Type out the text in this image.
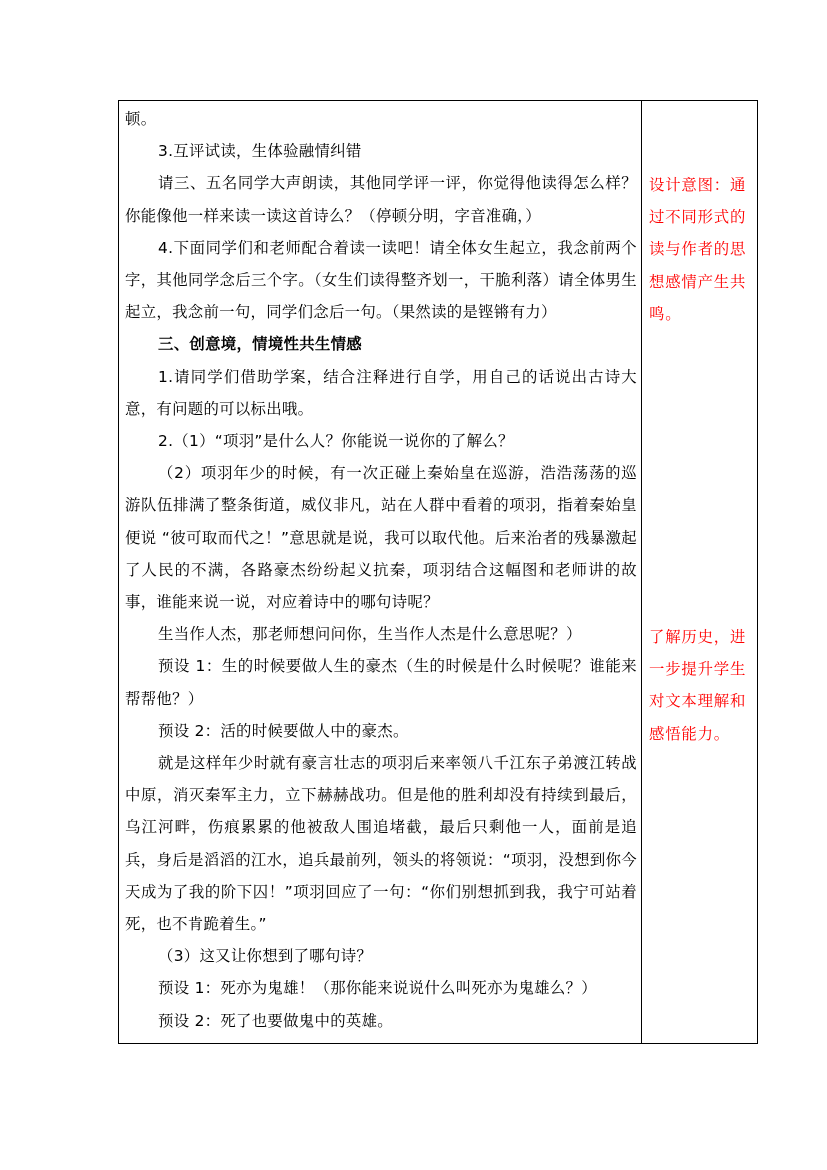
顿。

3.互评试读，生体验融情纠错

请三、五名同学大声朗读，其他同学评一评，你觉得他读得怎么样？你能像他一样来读一读这首诗么？（停顿分明，字音准确，）

4.下面同学们和老师配合着读一读吧！请全体女生起立，我念前两个字，其他同学念后三个字。（女生们读得整齐划一，干脆利落）请全体男生起立，我念前一句，同学们念后一句。（果然读的是铿锵有力）

三、创意境，情境性共生情感

1.请同学们借助学案，结合注释进行自学，用自己的话说出古诗大意，有问题的可以标出哦。

2.（1）“项羽”是什么人？你能说一说你的了解么？

（2）项羽年少的时候，有一次正碰上秦始皇在巡游，浩浩荡荡的巡游队伍排满了整条街道，威仪非凡，站在人群中看着的项羽，指着秦始皇便说 “彼可取而代之！”意思就是说，我可以取代他。后来治者的残暴激起了人民的不满，各路豪杰纷纷起义抗秦，项羽结合这幅图和老师讲的故事，谁能来说一说，对应着诗中的哪句诗呢？

生当作人杰，那老师想问问你，生当作人杰是什么意思呢？）

预设 1：生的时候要做人生的豪杰（生的时候是什么时候呢？谁能来帮帮他？）

预设 2：活的时候要做人中的豪杰。

就是这样年少时就有豪言壮志的项羽后来率领八千江东子弟渡江转战中原，消灭秦军主力，立下赫赫战功。但是他的胜利却没有持续到最后，乌江河畔，伤痕累累的他被敌人围追堵截，最后只剩他一人，面前是追兵，身后是滔滔的江水，追兵最前列，领头的将领说：“项羽，没想到你今天成为了我的阶下囚！”项羽回应了一句：“你们别想抓到我，我宁可站着死，也不肯跪着生。”

（3）这又让你想到了哪句诗？

预设 1：死亦为鬼雄！（那你能来说说什么叫死亦为鬼雄么？）

预设 2：死了也要做鬼中的英雄。

设计意图：通过不同形式的读与作者的思想感情产生共鸣。

了解历史，进一步提升学生对文本理解和感悟能力。
